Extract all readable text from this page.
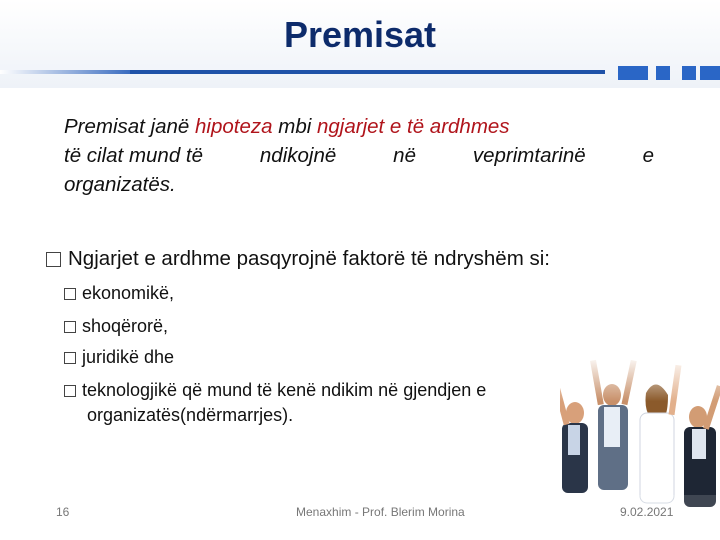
Premisat
Premisat janë hipoteza mbi ngjarjet e të ardhmes
të cilat mund të	ndikojnë	në	veprimtarinë	e
organizatës.
Ngjarjet e ardhme pasqyrojnë faktorë të ndryshëm si:
ekonomikë,
shoqërorë,
juridikë dhe
teknologjikë që mund të kenë ndikim në gjendjen e
organizatës(ndërmarrjes).
16	Menaxhim - Prof. Blerim Morina	9.02.2021
